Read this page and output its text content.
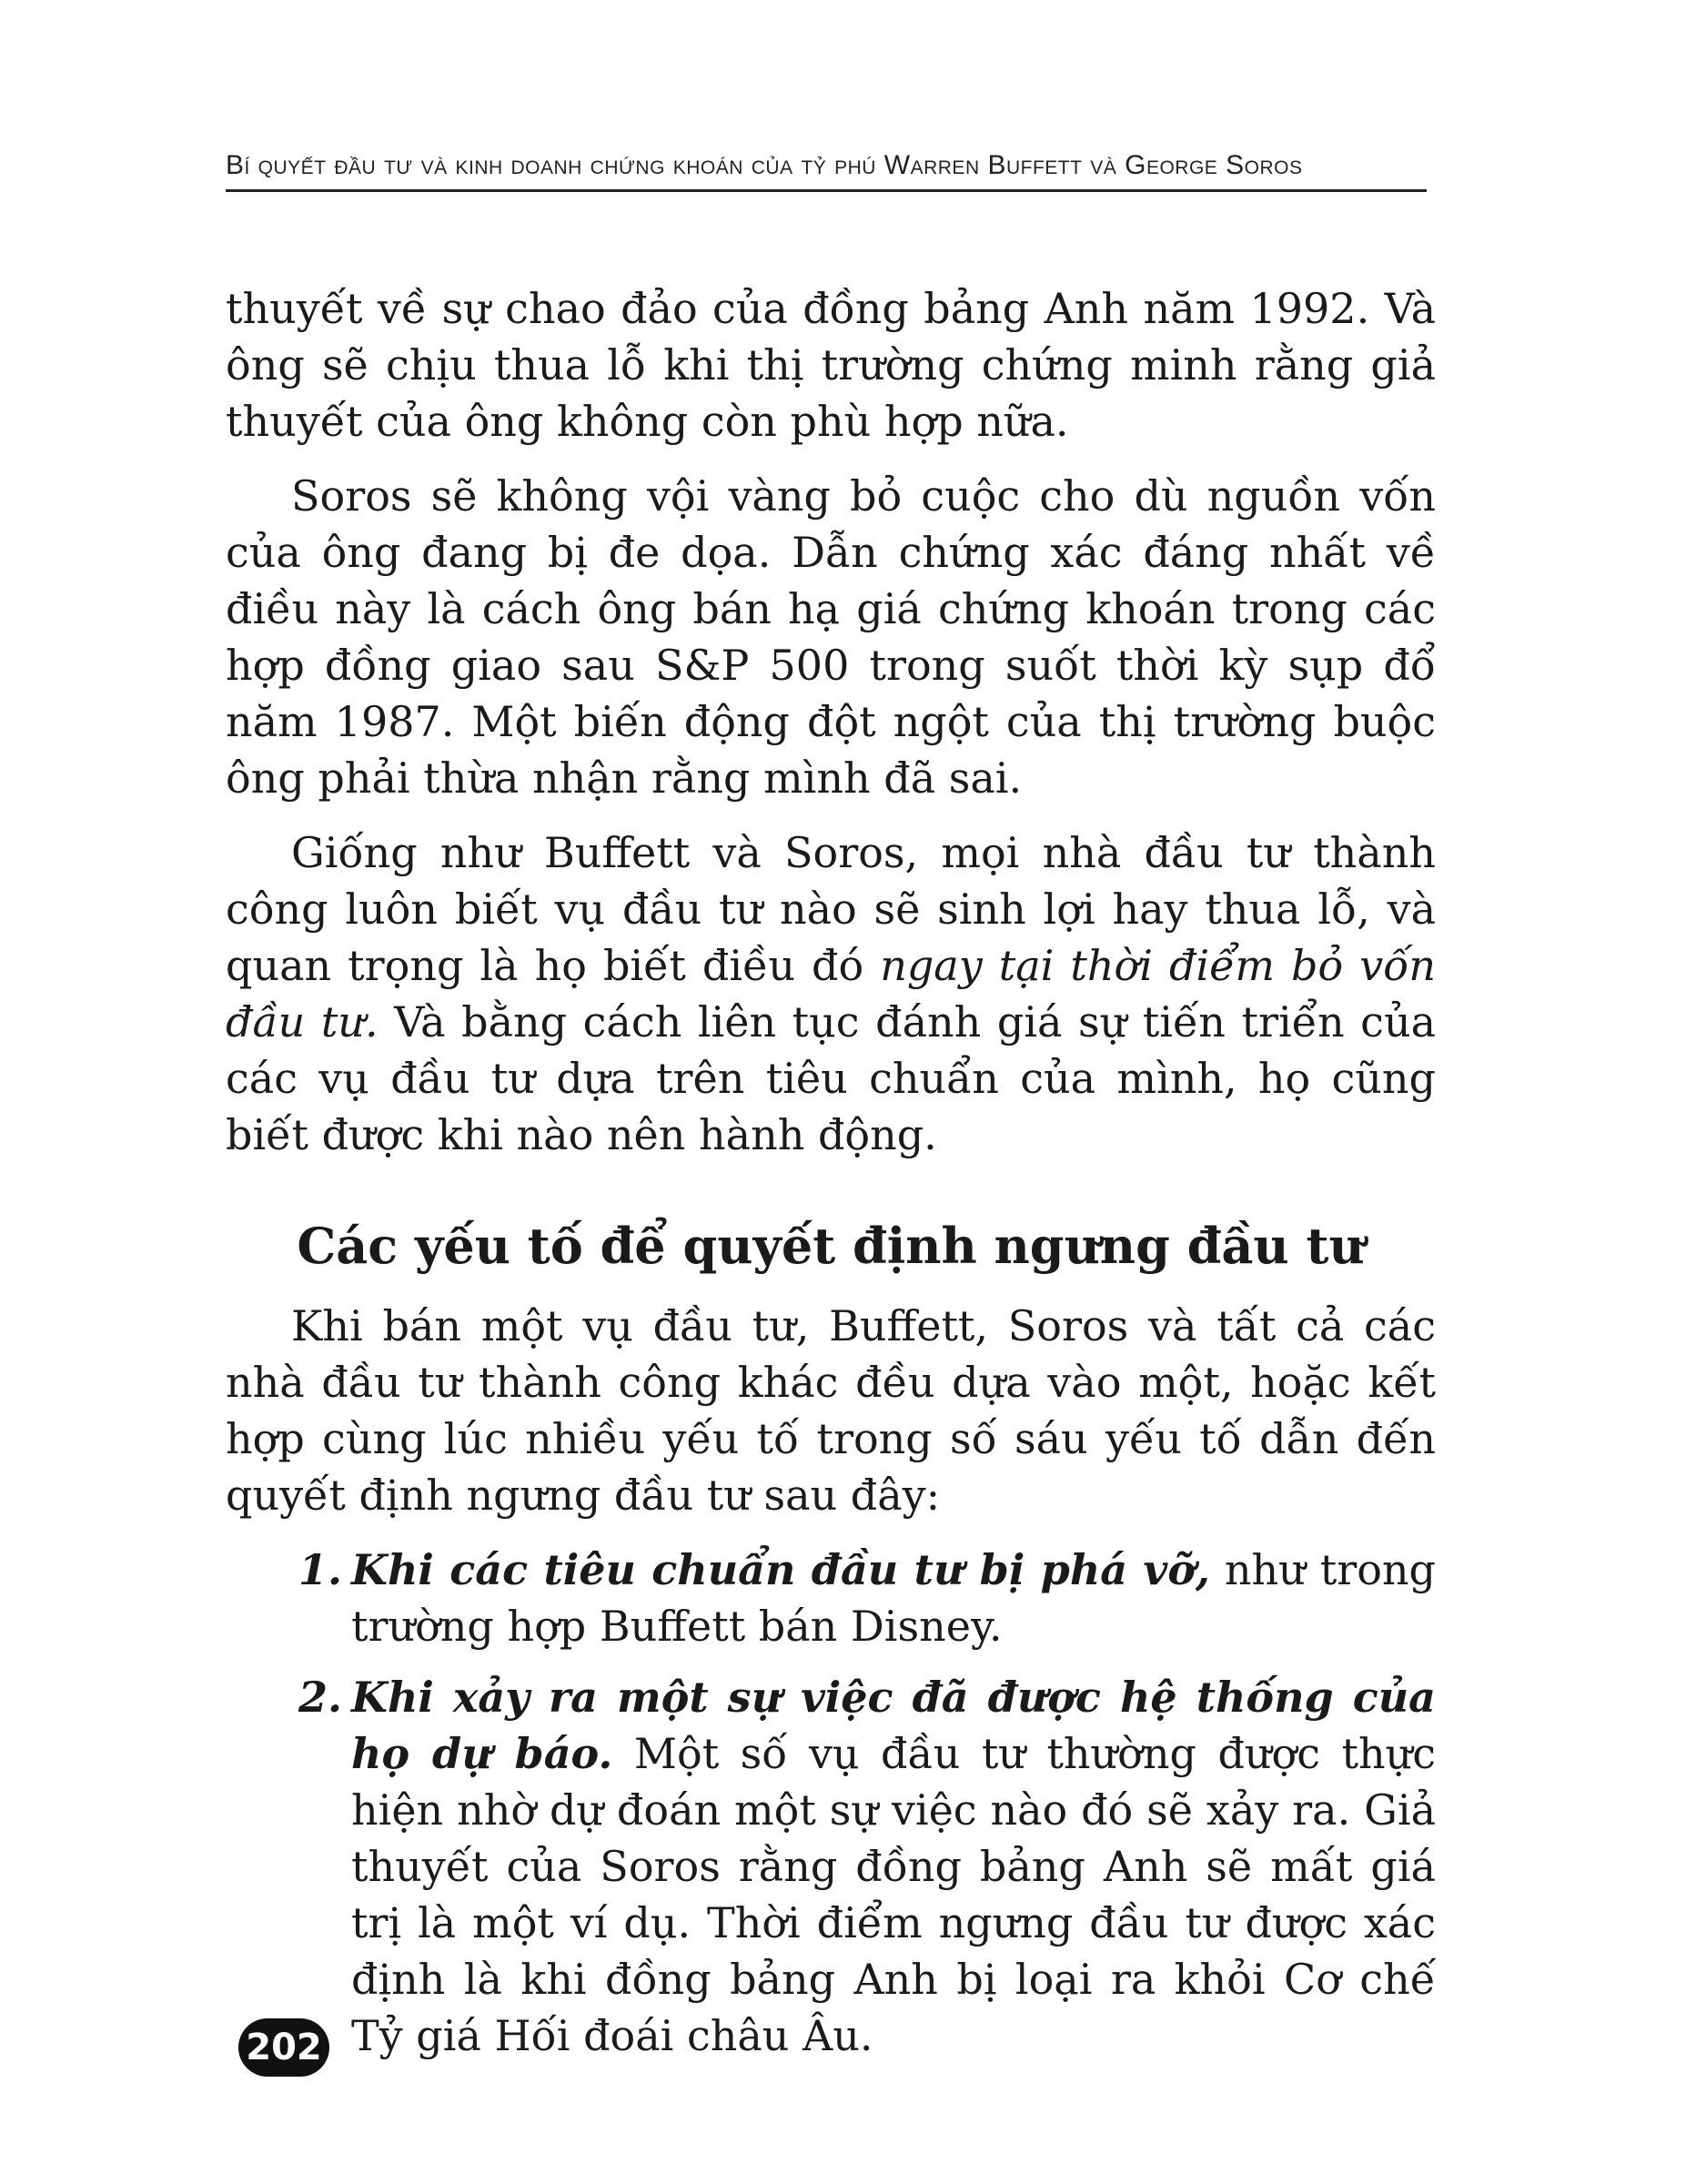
Bí quyết đầu tư và kinh doanh chứng khoán của tỷ phú Warren Buffett và George Soros

thuyết về sự chao đảo của đồng bảng Anh năm 1992. Và ông sẽ chịu thua lỗ khi thị trường chứng minh rằng giả thuyết của ông không còn phù hợp nữa.

Soros sẽ không vội vàng bỏ cuộc cho dù nguồn vốn của ông đang bị đe dọa. Dẫn chứng xác đáng nhất về điều này là cách ông bán hạ giá chứng khoán trong các hợp đồng giao sau S&P 500 trong suốt thời kỳ sụp đổ năm 1987. Một biến động đột ngột của thị trường buộc ông phải thừa nhận rằng mình đã sai.

Giống như Buffett và Soros, mọi nhà đầu tư thành công luôn biết vụ đầu tư nào sẽ sinh lợi hay thua lỗ, và quan trọng là họ biết điều đó ngay tại thời điểm bỏ vốn đầu tư. Và bằng cách liên tục đánh giá sự tiến triển của các vụ đầu tư dựa trên tiêu chuẩn của mình, họ cũng biết được khi nào nên hành động.

Các yếu tố để quyết định ngưng đầu tư

Khi bán một vụ đầu tư, Buffett, Soros và tất cả các nhà đầu tư thành công khác đều dựa vào một, hoặc kết hợp cùng lúc nhiều yếu tố trong số sáu yếu tố dẫn đến quyết định ngưng đầu tư sau đây:

1. Khi các tiêu chuẩn đầu tư bị phá vỡ, như trong trường hợp Buffett bán Disney.
2. Khi xảy ra một sự việc đã được hệ thống của họ dự báo. Một số vụ đầu tư thường được thực hiện nhờ dự đoán một sự việc nào đó sẽ xảy ra. Giả thuyết của Soros rằng đồng bảng Anh sẽ mất giá trị là một ví dụ. Thời điểm ngưng đầu tư được xác định là khi đồng bảng Anh bị loại ra khỏi Cơ chế Tỷ giá Hối đoái châu Âu.
202
